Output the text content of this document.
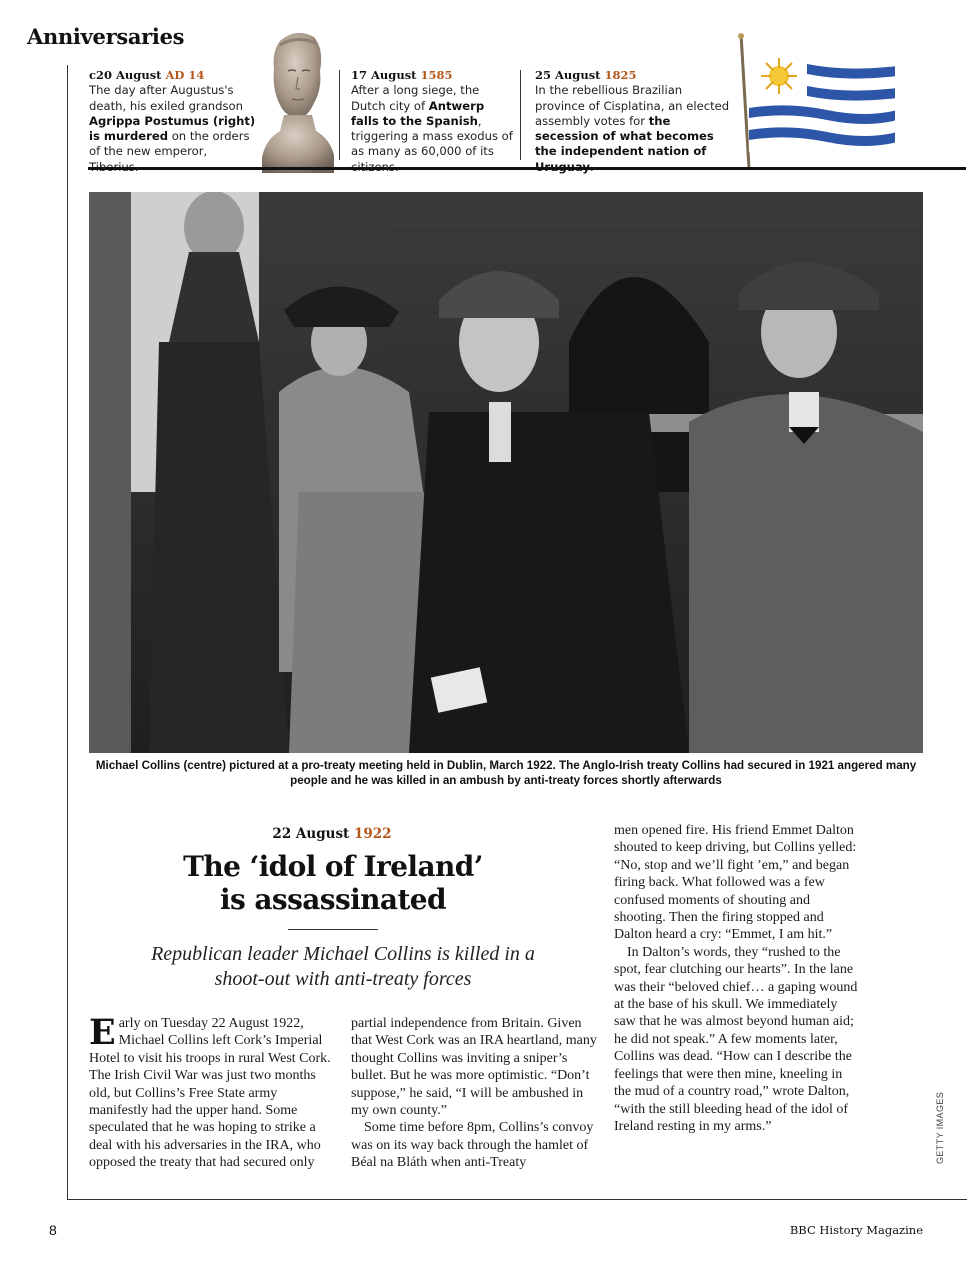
Anniversaries
c20 August AD 14
The day after Augustus's death, his exiled grandson Agrippa Postumus (right) is murdered on the orders of the new emperor,
17 August 1585
After a long siege, the Dutch city of Antwerp falls to the Spanish, triggering a mass exodus of as many as 60,000 of its
25 August 1825
In the rebellious Brazilian province of Cisplatina, an elected assembly votes for the secession of what becomes the independent nation of
Michael Collins (centre) pictured at a pro-treaty meeting held in Dublin, March 1922. The Anglo-Irish treaty Collins had secured in 1921 angered many people and he was killed in an ambush by anti-treaty forces shortly afterwards
22 August 1922
The ‘idol of Ireland’
is assassinated
Republican leader Michael Collins is killed in a shoot-out with anti-treaty forces

Early on Tuesday 22 August 1922, Michael Collins left Cork’s Imperial Hotel to visit his troops in rural West Cork. The Irish Civil War was just two months old, but Collins’s Free State army manifestly had the upper hand. Some speculated that he was hoping to strike a deal with his adversaries in the IRA, who opposed the treaty that had secured only

partial independence from Britain. Given that West Cork was an IRA heartland, many thought Collins was inviting a sniper’s bullet. But he was more optimistic. “Don’t suppose,” he said, “I will be ambushed in my own county.”

Some time before 8pm, Collins’s convoy was on its way back through the hamlet of Béal na Bláth when anti-Treaty

men opened fire. His friend Emmet Dalton shouted to keep driving, but Collins yelled: “No, stop and we’ll fight ’em,” and began firing back. What followed was a few confused moments of shouting and shooting. Then the firing stopped and Dalton heard a cry: “Emmet, I am hit.”

In Dalton’s words, they “rushed to the spot, fear clutching our hearts”. In the lane was their “beloved chief… a gaping wound at the base of his skull. We immediately saw that he was almost beyond human aid; he did not speak.” A few moments later, Collins was dead. “How can I describe the feelings that were then mine, kneeling in the mud of a country road,” wrote Dalton, “with the still bleeding head of the idol of Ireland resting in my arms.”	GETTY IMAGES
8	BBC History Magazine
